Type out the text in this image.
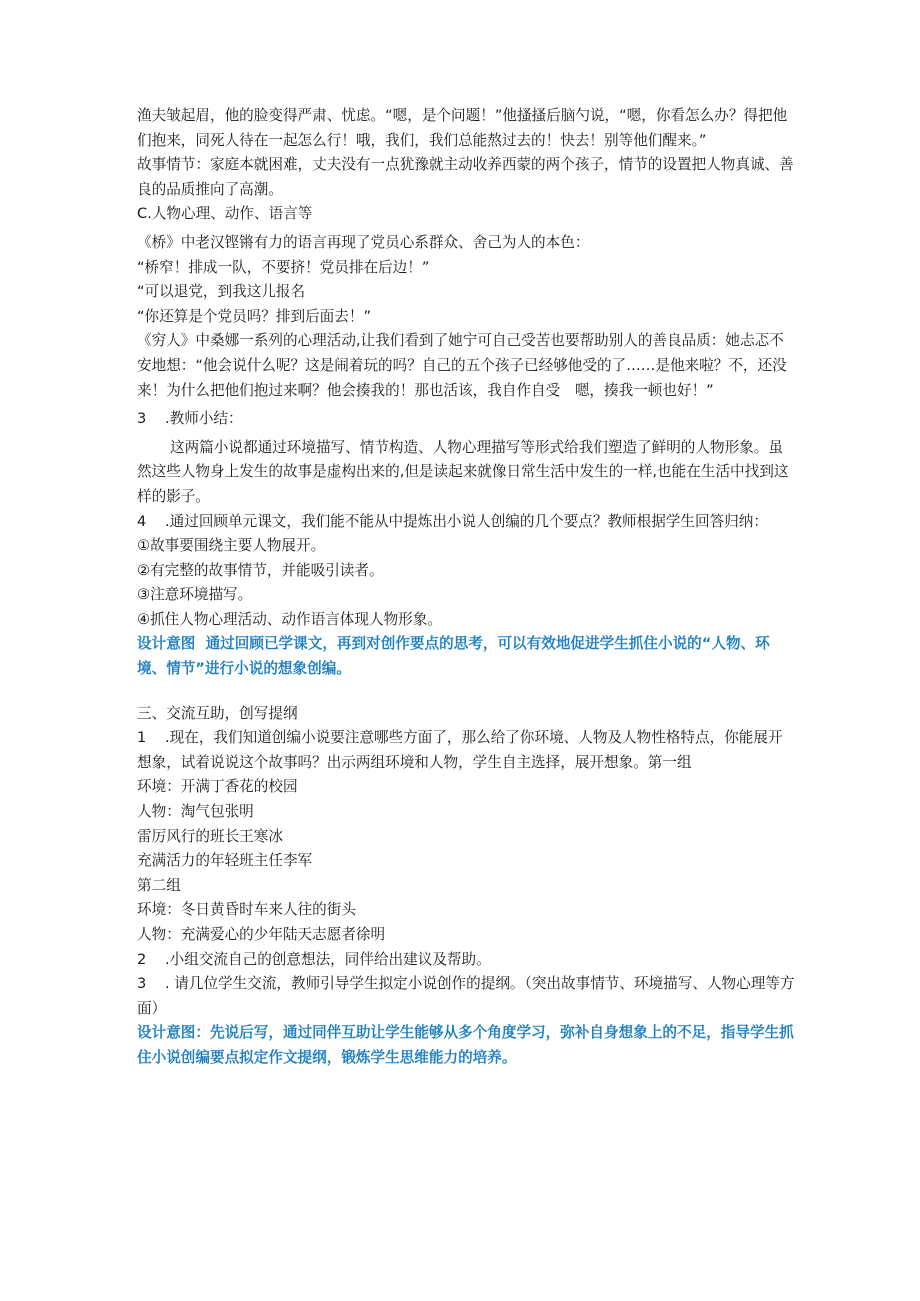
渔夫皱起眉，他的脸变得严肃、忧虑。“嗯，是个问题！”他搔搔后脑勺说，“嗯，你看怎么办？得把他们抱来，同死人待在一起怎么行！哦，我们，我们总能熬过去的！快去！别等他们醒来。”

故事情节：家庭本就困难，丈夫没有一点犹豫就主动收养西蒙的两个孩子，情节的设置把人物真诚、善良的品质推向了高潮。

C.人物心理、动作、语言等

《桥》中老汉铿锵有力的语言再现了党员心系群众、舍己为人的本色：

“桥窄！排成一队，不要挤！党员排在后边！”

“可以退党，到我这儿报名

“你还算是个党员吗？排到后面去！”

《穷人》中桑娜一系列的心理活动,让我们看到了她宁可自己受苦也要帮助别人的善良品质：她忐忑不安地想：“他会说什么呢？这是闹着玩的吗？自己的五个孩子已经够他受的了……是他来啦？不，还没来！为什么把他们抱过来啊？他会揍我的！那也活该，我自作自受　嗯，揍我一顿也好！”

3 .教师小结：

这两篇小说都通过环境描写、情节构造、人物心理描写等形式给我们塑造了鲜明的人物形象。虽然这些人物身上发生的故事是虚构出来的,但是读起来就像日常生活中发生的一样,也能在生活中找到这样的影子。

4 .通过回顾单元课文，我们能不能从中提炼出小说人创编的几个要点？教师根据学生回答归纳：

①故事要围绕主要人物展开。

②有完整的故事情节，并能吸引读者。

③注意环境描写。

④抓住人物心理活动、动作语言体现人物形象。

设计意图 通过回顾已学课文，再到对创作要点的思考，可以有效地促进学生抓住小说的“人物、环境、情节”进行小说的想象创编。

三、交流互助，创写提纲

1 .现在，我们知道创编小说要注意哪些方面了，那么给了你环境、人物及人物性格特点，你能展开想象，试着说说这个故事吗？出示两组环境和人物，学生自主选择，展开想象。第一组

环境：开满丁香花的校园

人物：淘气包张明

雷厉风行的班长王寒冰

充满活力的年轻班主任李军

第二组

环境：冬日黄昏时车来人往的街头

人物：充满爱心的少年陆天志愿者徐明

2 .小组交流自己的创意想法，同伴给出建议及帮助。

3 . 请几位学生交流，教师引导学生拟定小说创作的提纲。（突出故事情节、环境描写、人物心理等方面）

设计意图：先说后写，通过同伴互助让学生能够从多个角度学习，弥补自身想象上的不足，指导学生抓住小说创编要点拟定作文提纲，锻炼学生思维能力的培养。
